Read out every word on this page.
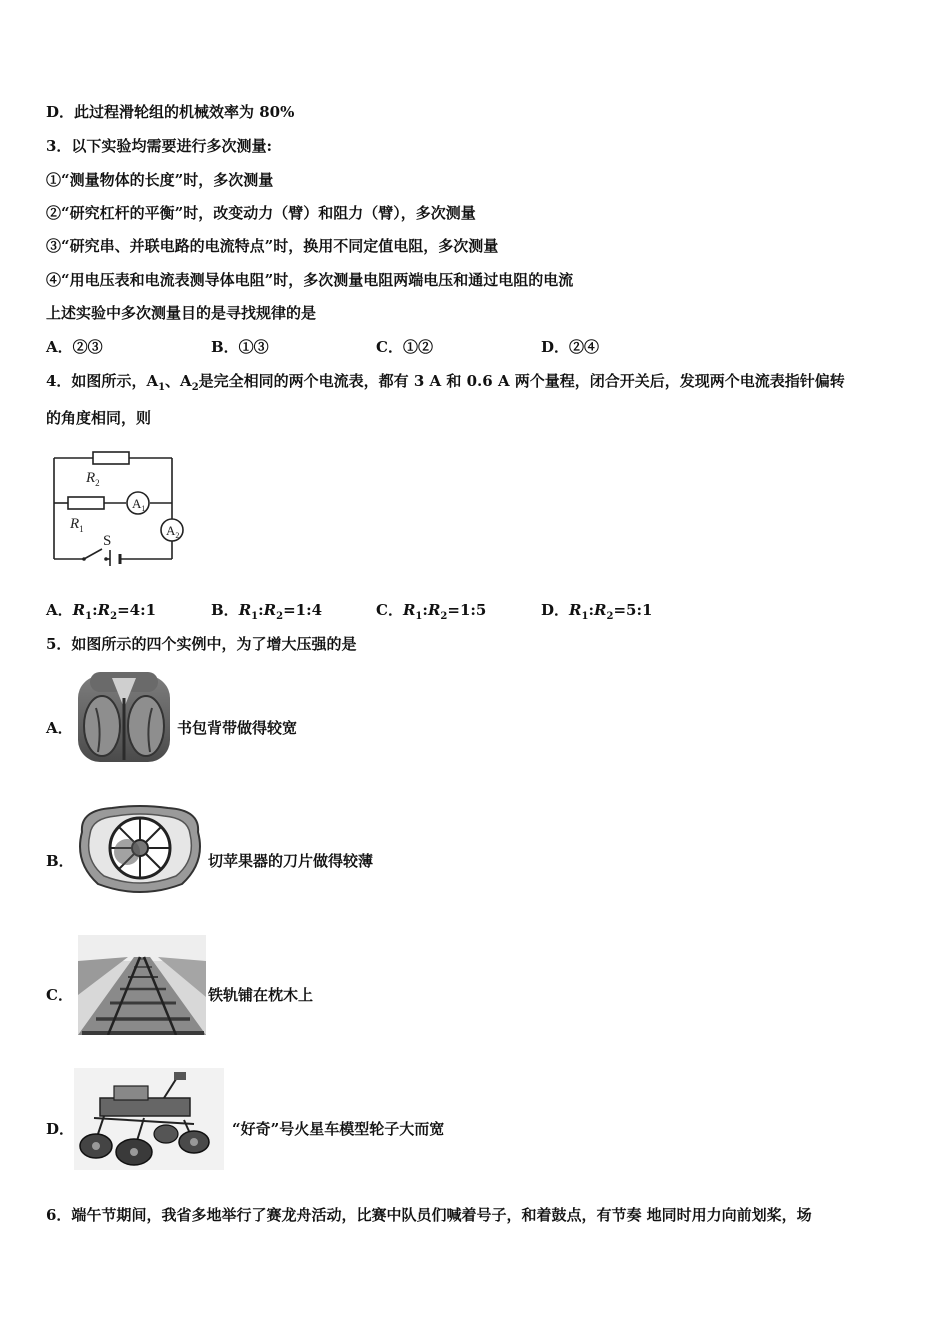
D．此过程滑轮组的机械效率为 80%
3．以下实验均需要进行多次测量:
①“测量物体的长度”时，多次测量
②“研究杠杆的平衡”时，改变动力（臂）和阻力（臂），多次测量
③“研究串、并联电路的电流特点”时，换用不同定值电阻，多次测量
④“用电压表和电流表测导体电阻”时，多次测量电阻两端电压和通过电阻的电流
上述实验中多次测量目的是寻找规律的是
A．②③	B．①③	C．①②	D．②④
4．如图所示，$A_1$、$A_2$是完全相同的两个电流表，都有 3 A 和 0.6 A 两个量程，闭合开关后，发现两个电流表指针偏转
的角度相同，则
$R_2$
$R_1$
$A_1$
$A_2$
S
A．$R_1:R_2=4:1$	B．$R_1:R_2=1:4$	C．$R_1:R_2=1:5$	D．$R_1:R_2=5:1$
5．如图所示的四个实例中，为了增大压强的是
A．	书包背带做得较宽
B．	切苹果器的刀片做得较薄
C．	铁轨铺在枕木上
D．	“好奇”号火星车模型轮子大而宽
6．端午节期间，我省多地举行了赛龙舟活动，比赛中队员们喊着号子，和着鼓点，有节奏 地同时用力向前划桨，场
